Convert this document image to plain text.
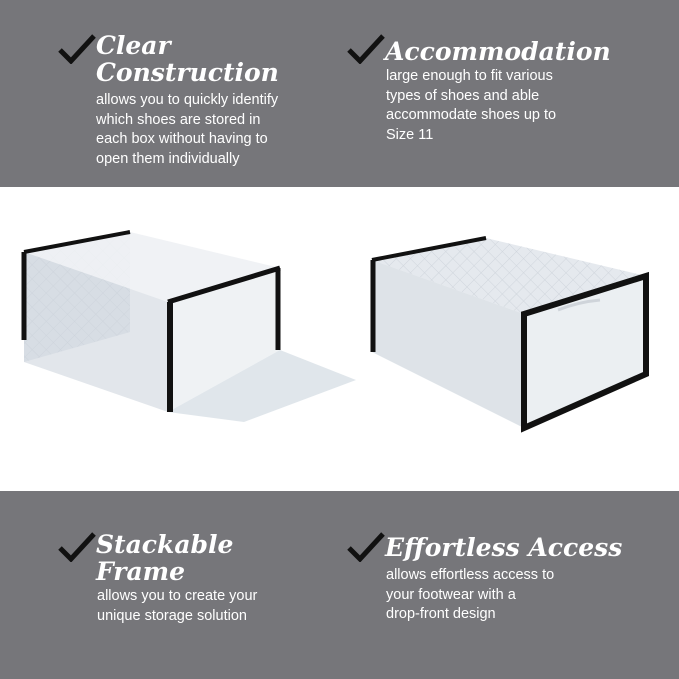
Clear
Construction
allows you to quickly identify
which shoes are stored in
each box without having to
open them individually
Accommodation
large enough to fit various
types of shoes and able
accommodate shoes up to
Size 11
Stackable
Frame
allows you to create your
unique storage solution
Effortless Access
allows effortless access to
your footwear with a
drop-front design
